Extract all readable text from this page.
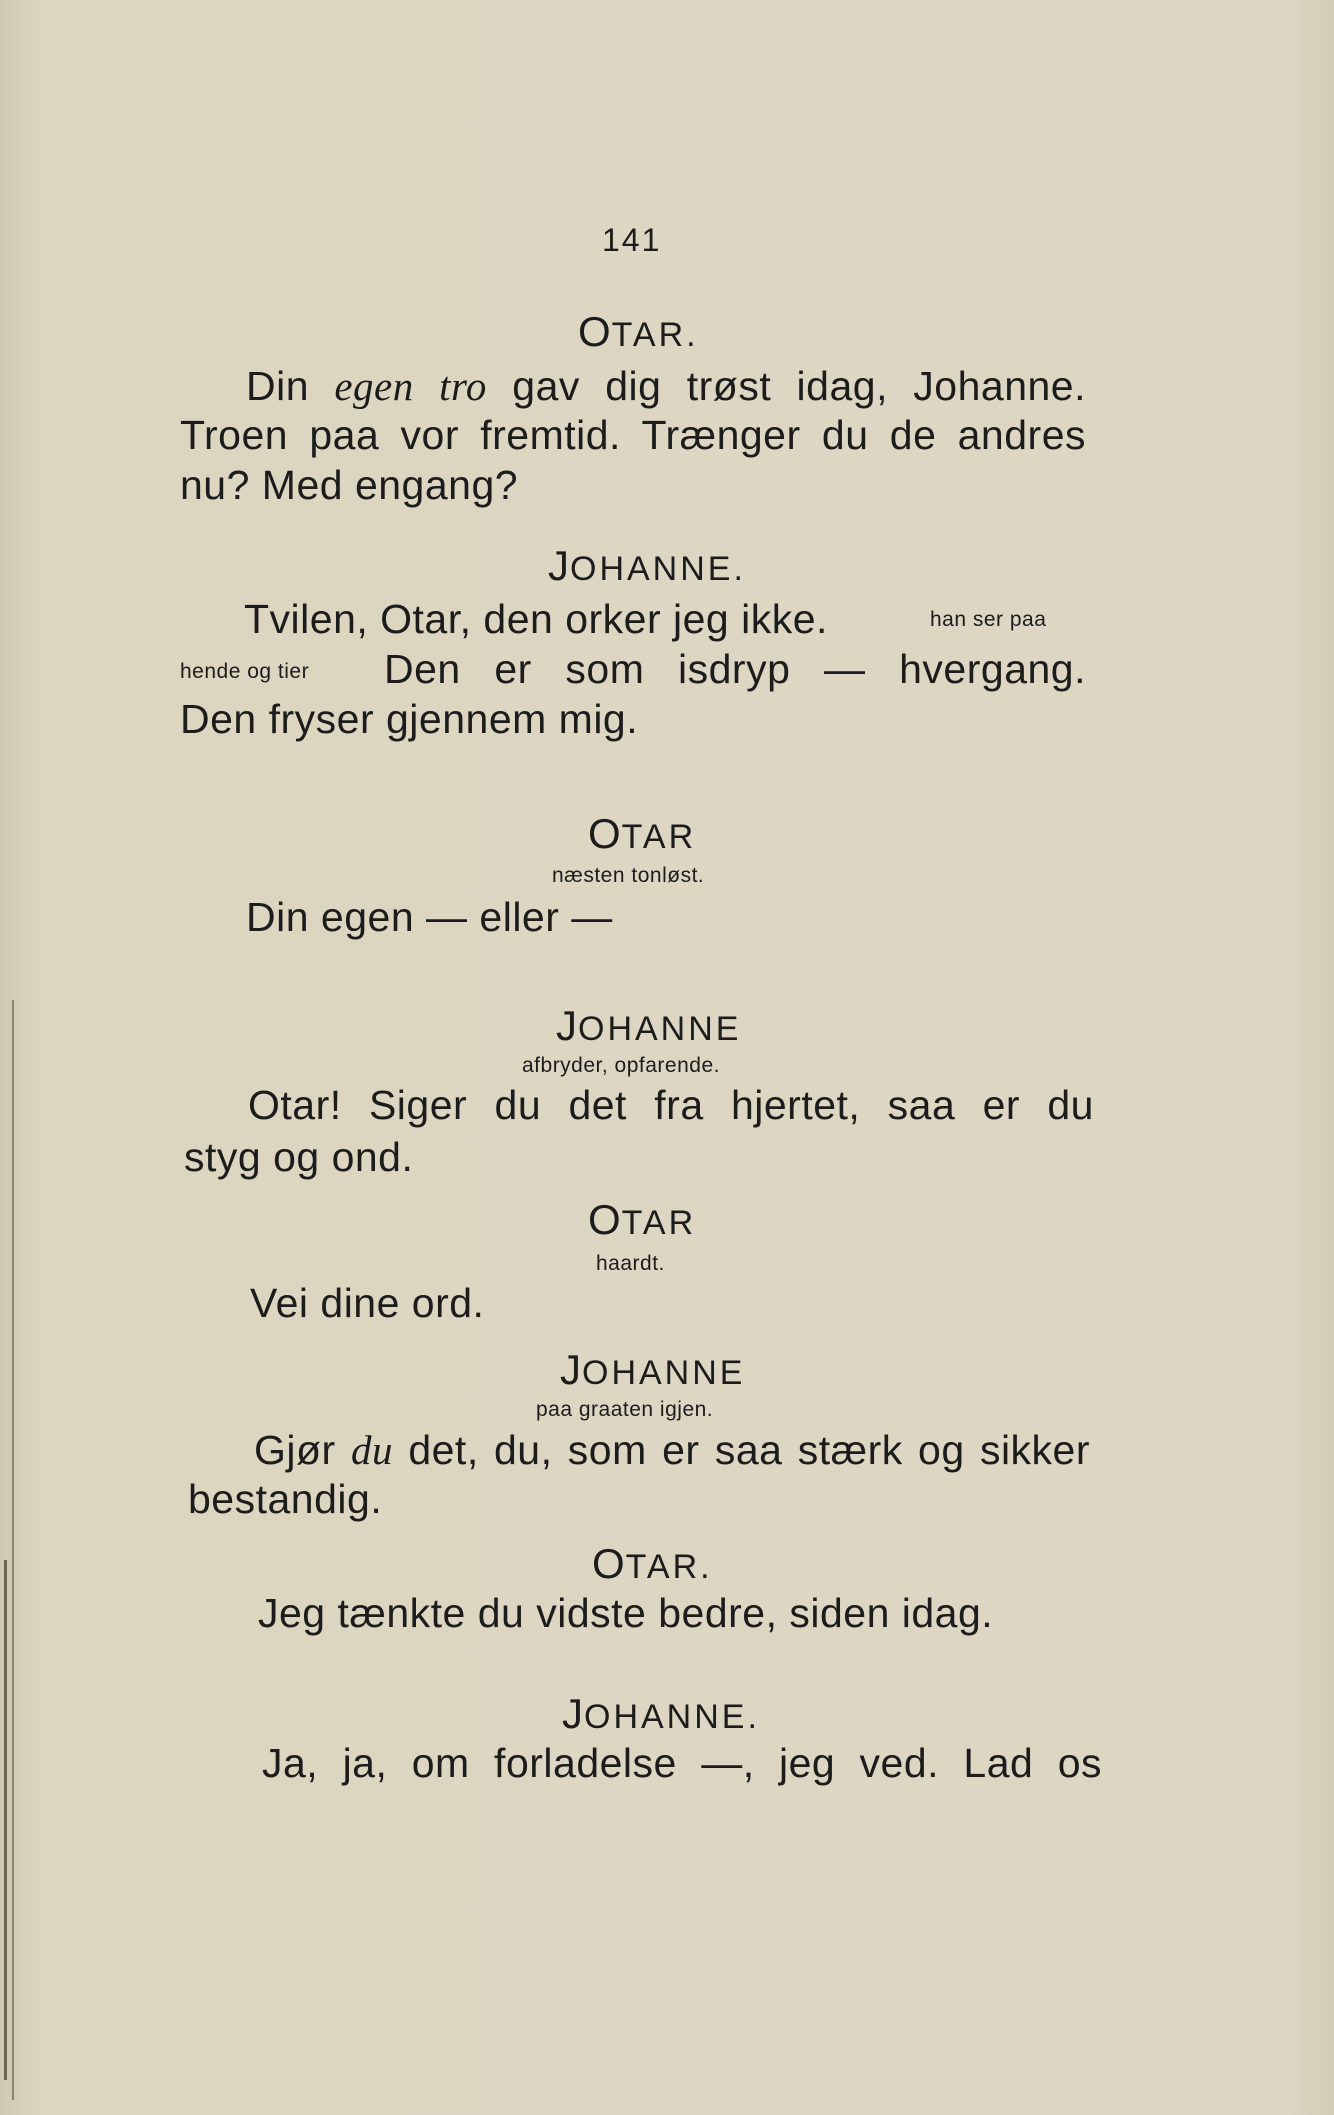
141
OTAR.
Din egen tro gav dig trøst idag, Johanne.
Troen paa vor fremtid. Trænger du de andres
nu? Med engang?
JOHANNE.
Tvilen, Otar, den orker jeg ikke.	han ser paa
hende og tier Den er som isdryp — hvergang.
Den fryser gjennem mig.
OTAR
næsten tonløst.
Din egen — eller —
JOHANNE
afbryder, opfarende.
Otar! Siger du det fra hjertet, saa er du
styg og ond.
OTAR
haardt.
Vei dine ord.
JOHANNE
paa graaten igjen.
Gjør du det, du, som er saa stærk og sikker
bestandig.
OTAR.
Jeg tænkte du vidste bedre, siden idag.
JOHANNE.
Ja, ja, om forladelse —, jeg ved. Lad os
